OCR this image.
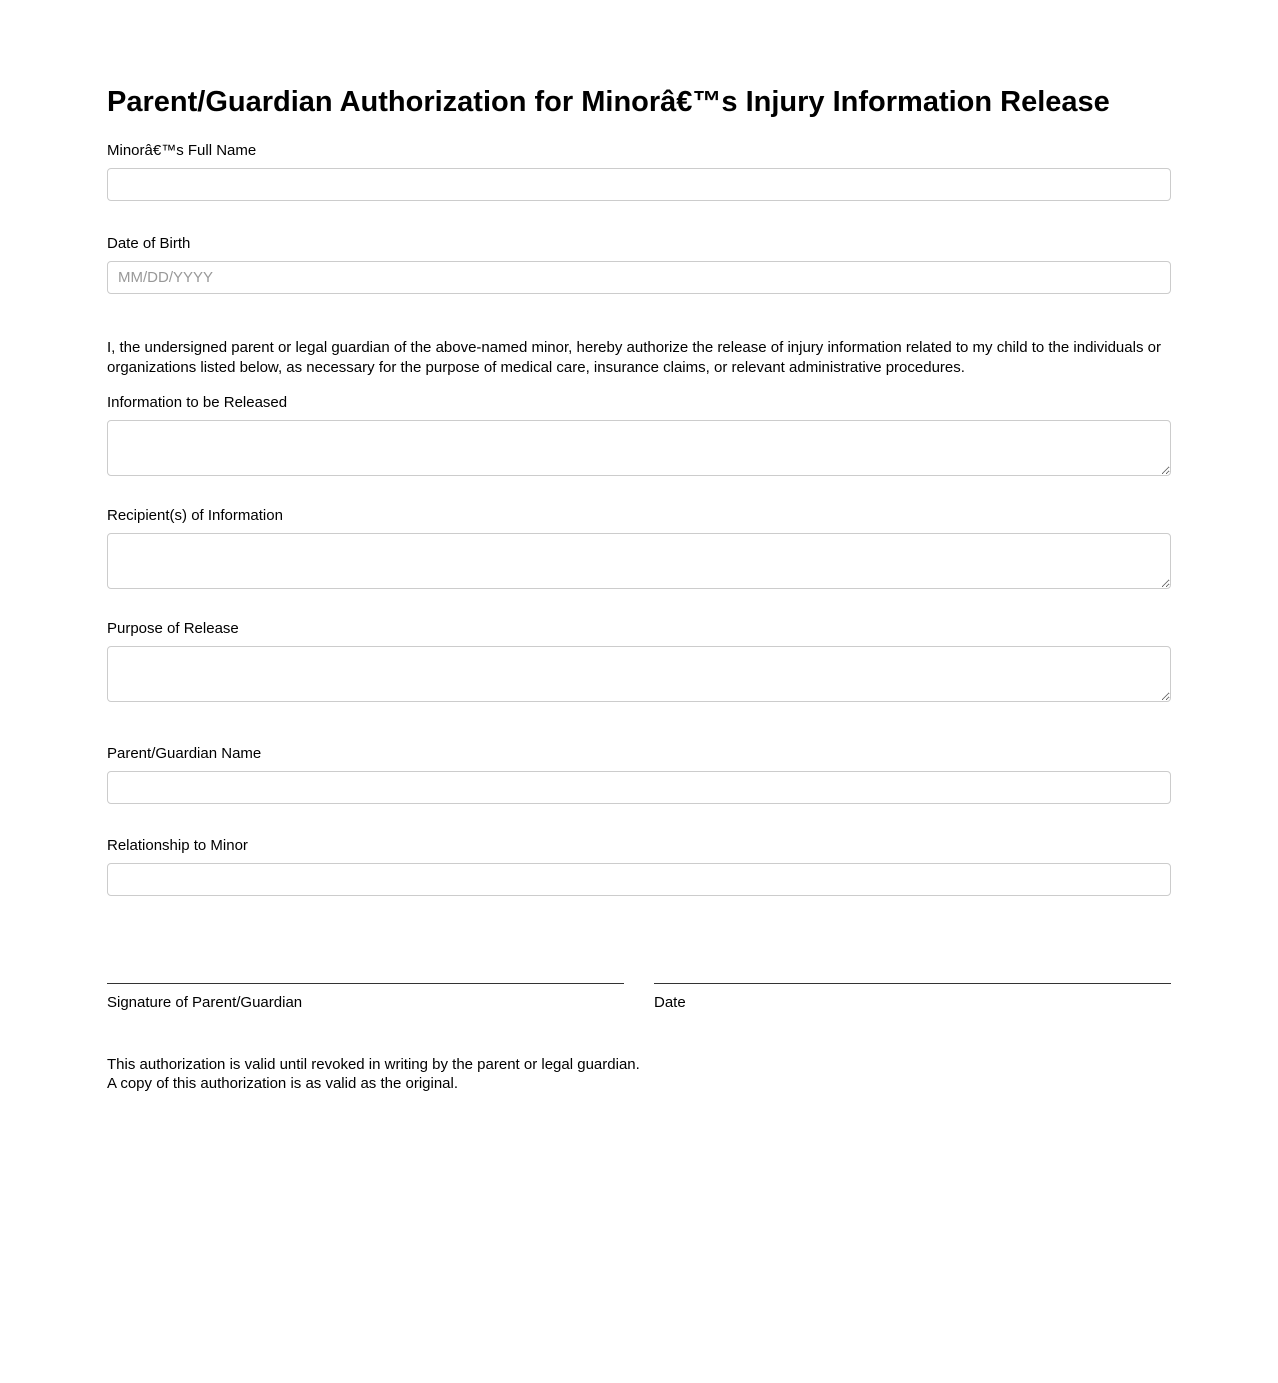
Parent/Guardian Authorization for Minorâ€™s Injury Information Release
Minorâ€™s Full Name
Date of Birth
MM/DD/YYYY

I, the undersigned parent or legal guardian of the above-named minor, hereby authorize the release of injury information related to my child to the individuals or organizations listed below, as necessary for the purpose of medical care, insurance claims, or relevant administrative procedures.

Information to be Released
Recipient(s) of Information
Purpose of Release
Parent/Guardian Name
Relationship to Minor
Signature of Parent/Guardian	Date
This authorization is valid until revoked in writing by the parent or legal guardian.
A copy of this authorization is as valid as the original.
